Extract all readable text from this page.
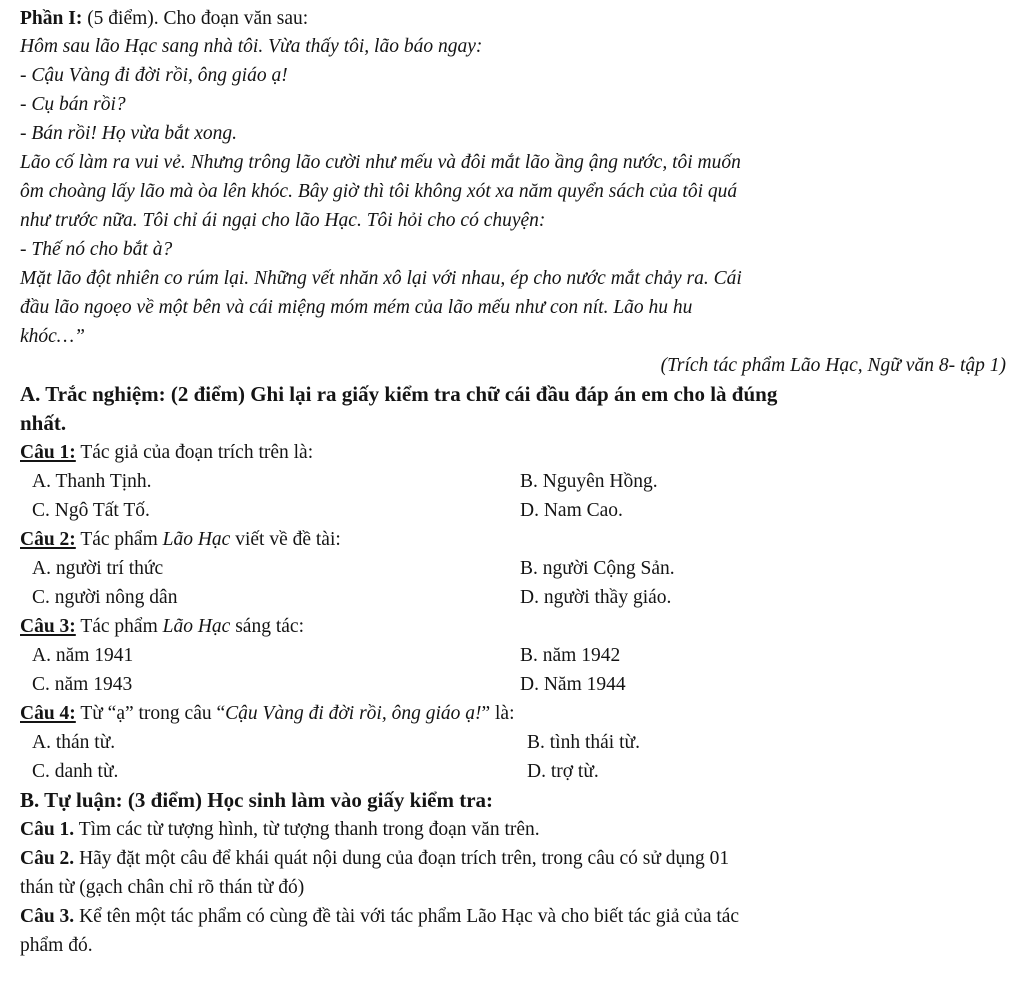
Phần I: (5 điểm). Cho đoạn văn sau:
Hôm sau lão Hạc sang nhà tôi. Vừa thấy tôi, lão báo ngay:
- Cậu Vàng đi đời rồi, ông giáo ạ!
- Cụ bán rồi?
- Bán rồi! Họ vừa bắt xong.
Lão cố làm ra vui vẻ. Nhưng trông lão cười như mếu và đôi mắt lão ầng ậng nước, tôi muốn
ôm choàng lấy lão mà òa lên khóc. Bây giờ thì tôi không xót xa năm quyển sách của tôi quá
như trước nữa. Tôi chỉ ái ngại cho lão Hạc. Tôi hỏi cho có chuyện:
- Thế nó cho bắt à?
Mặt lão đột nhiên co rúm lại. Những vết nhăn xô lại với nhau, ép cho nước mắt chảy ra. Cái
đầu lão ngoẹo về một bên và cái miệng móm mém của lão mếu như con nít. Lão hu hu
khóc…”
(Trích tác phẩm Lão Hạc, Ngữ văn 8- tập 1)
A. Trắc nghiệm: (2 điểm) Ghi lại ra giấy kiểm tra chữ cái đầu đáp án em cho là đúng
nhất.
Câu 1: Tác giả của đoạn trích trên là:
A. Thanh Tịnh.	B. Nguyên Hồng.
C. Ngô Tất Tố.	D. Nam Cao.
Câu 2: Tác phẩm Lão Hạc viết về đề tài:
A. người trí thức	B. người Cộng Sản.
C. người nông dân	D. người thầy giáo.
Câu 3: Tác phẩm Lão Hạc sáng tác:
A. năm 1941	B. năm 1942
C. năm 1943	D. Năm 1944
Câu 4: Từ “ạ” trong câu “Cậu Vàng đi đời rồi, ông giáo ạ!” là:
A. thán từ.	B. tình thái từ.
C. danh từ.	D. trợ từ.
B. Tự luận: (3 điểm) Học sinh làm vào giấy kiểm tra:
Câu 1. Tìm các từ tượng hình, từ tượng thanh trong đoạn văn trên.
Câu 2. Hãy đặt một câu để khái quát nội dung của đoạn trích trên, trong câu có sử dụng 01
thán từ (gạch chân chỉ rõ thán từ đó)
Câu 3. Kể tên một tác phẩm có cùng đề tài với tác phẩm Lão Hạc và cho biết tác giả của tác
phẩm đó.
